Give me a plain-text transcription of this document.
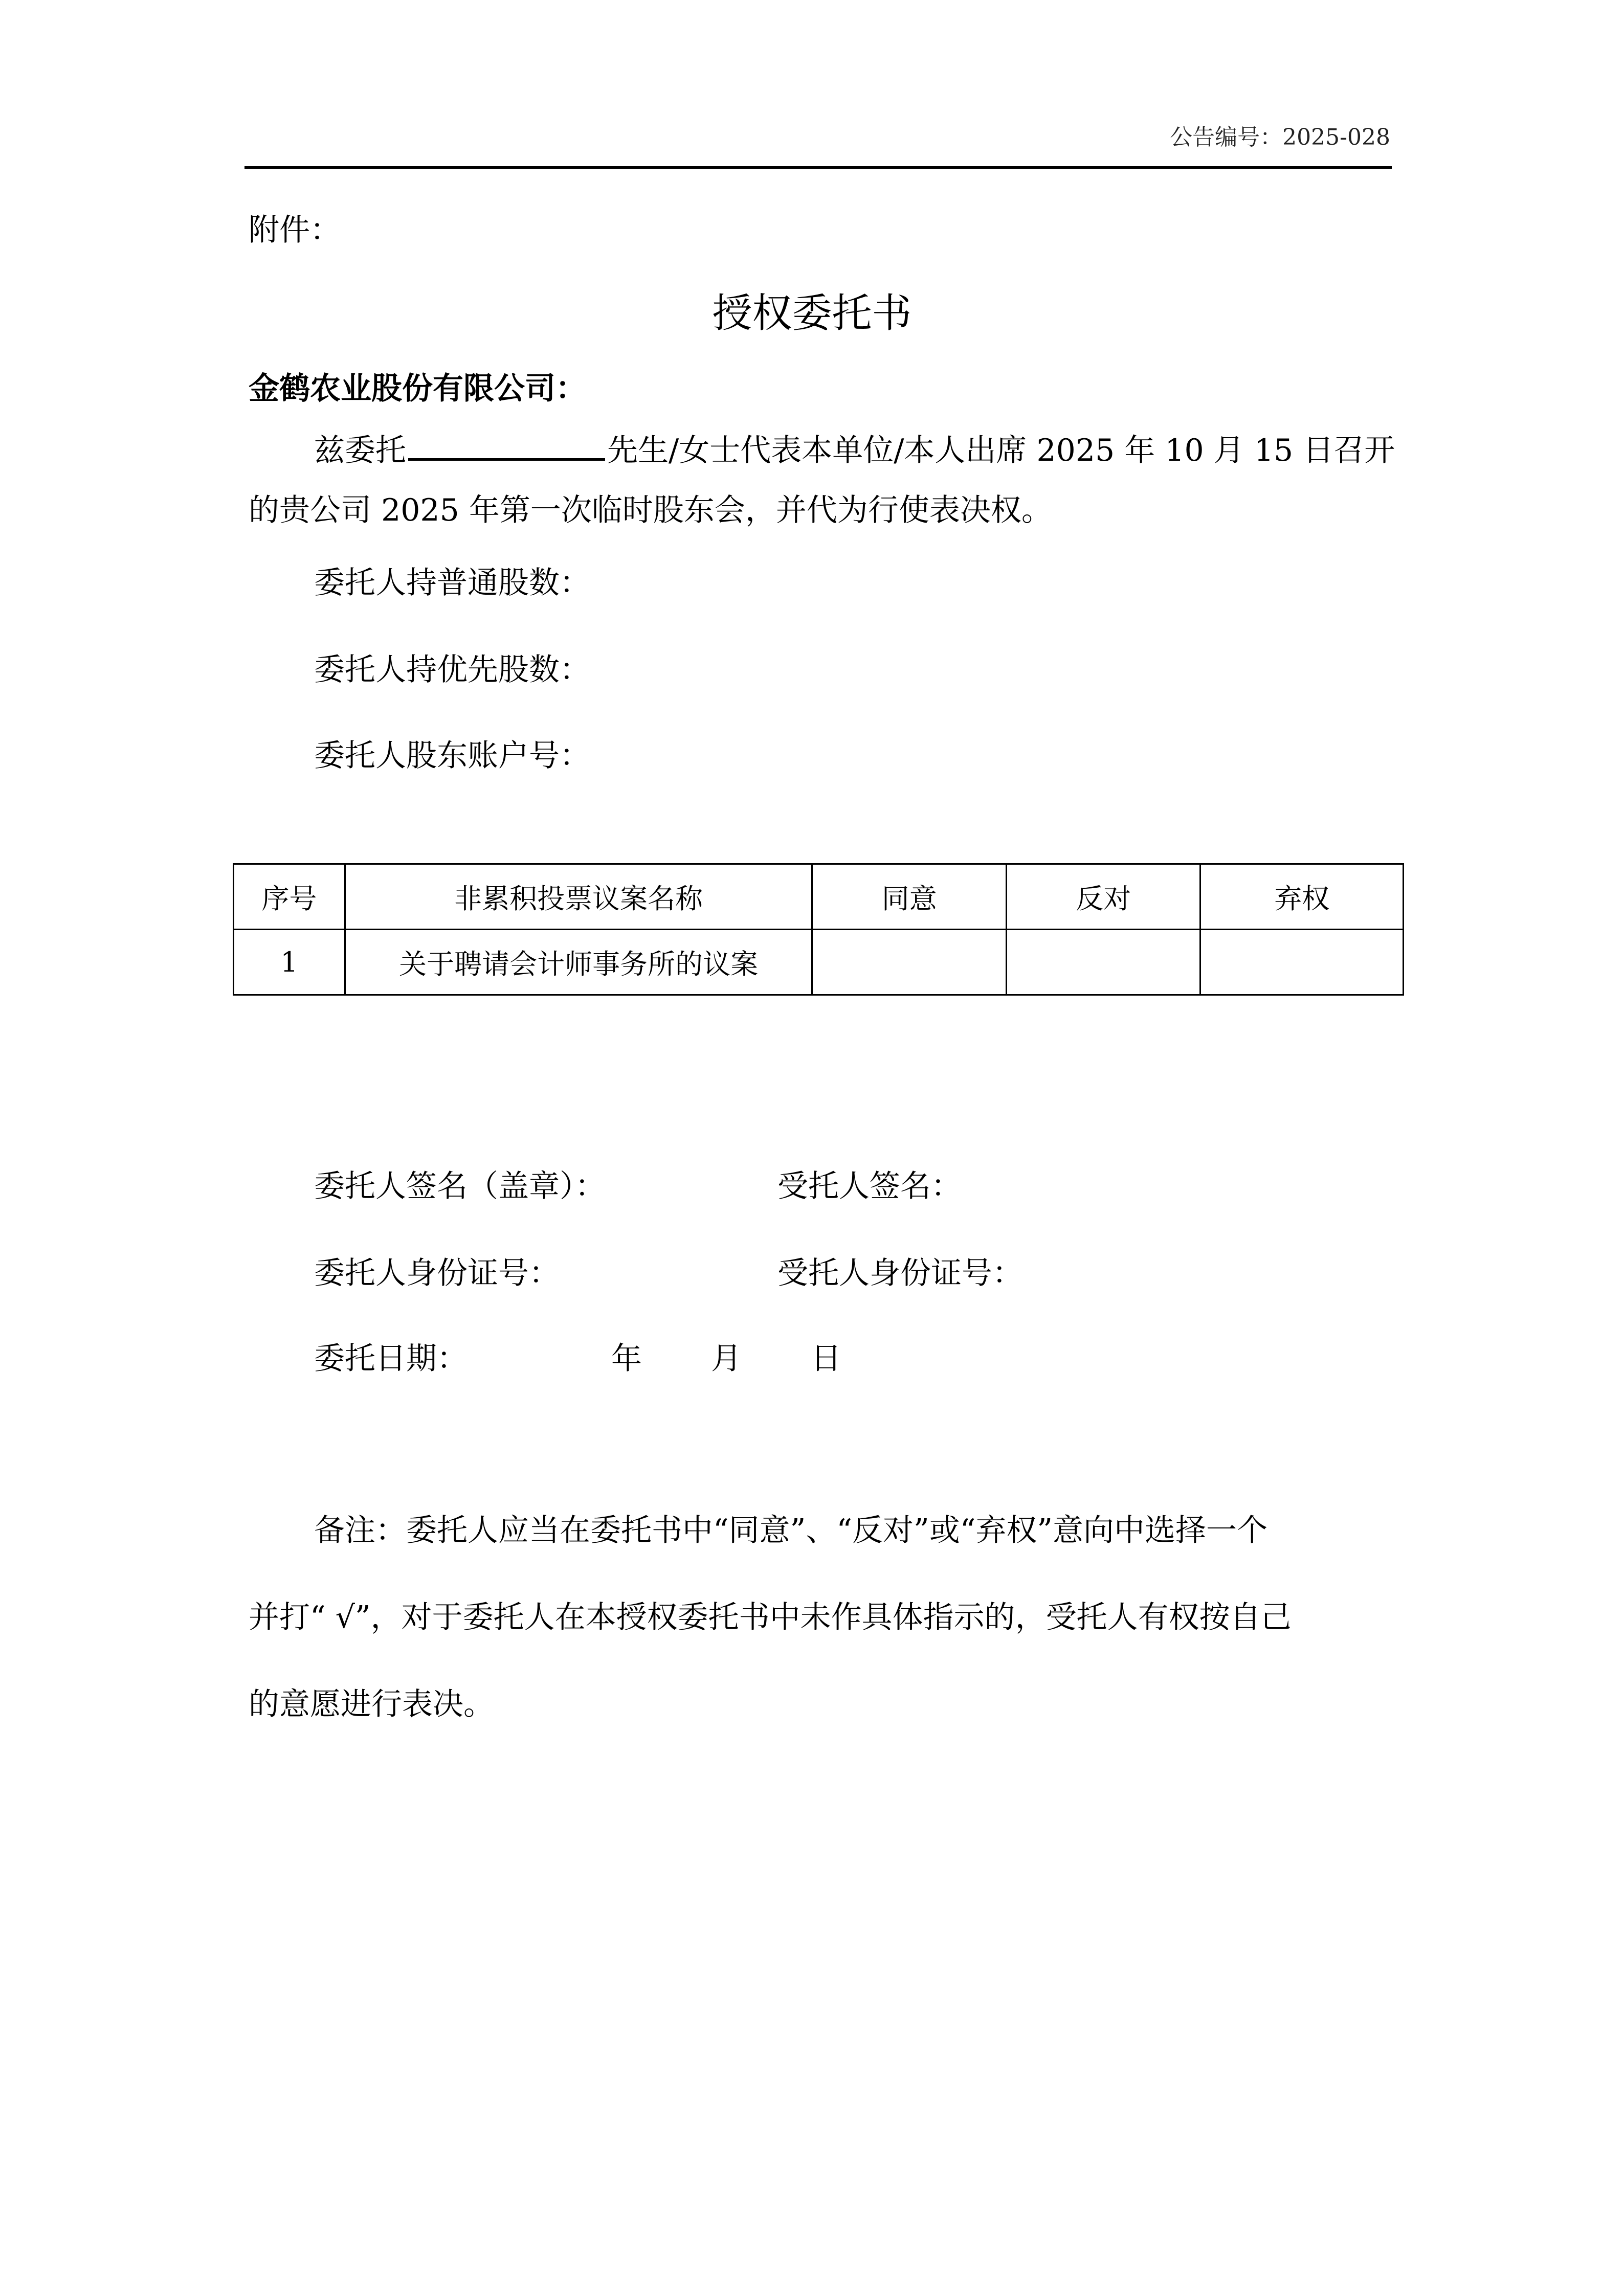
公告编号：2025-028
附件：
授权委托书
金鹤农业股份有限公司：
兹委托	先生/女士代表本单位/本人出席 2025 年 10 月 15 日召开
的贵公司 2025 年第一次临时股东会，并代为行使表决权。
委托人持普通股数：
委托人持优先股数：
委托人股东账户号：
序号	非累积投票议案名称	同意	反对	弃权
1	关于聘请会计师事务所的议案			
委托人签名（盖章）：	受托人签名：
委托人身份证号：	受托人身份证号：
委托日期：	年 月 日
备注：委托人应当在委托书中“同意”、“反对”或“弃权”意向中选择一个
并打“ √”，对于委托人在本授权委托书中未作具体指示的，受托人有权按自己
的意愿进行表决。
